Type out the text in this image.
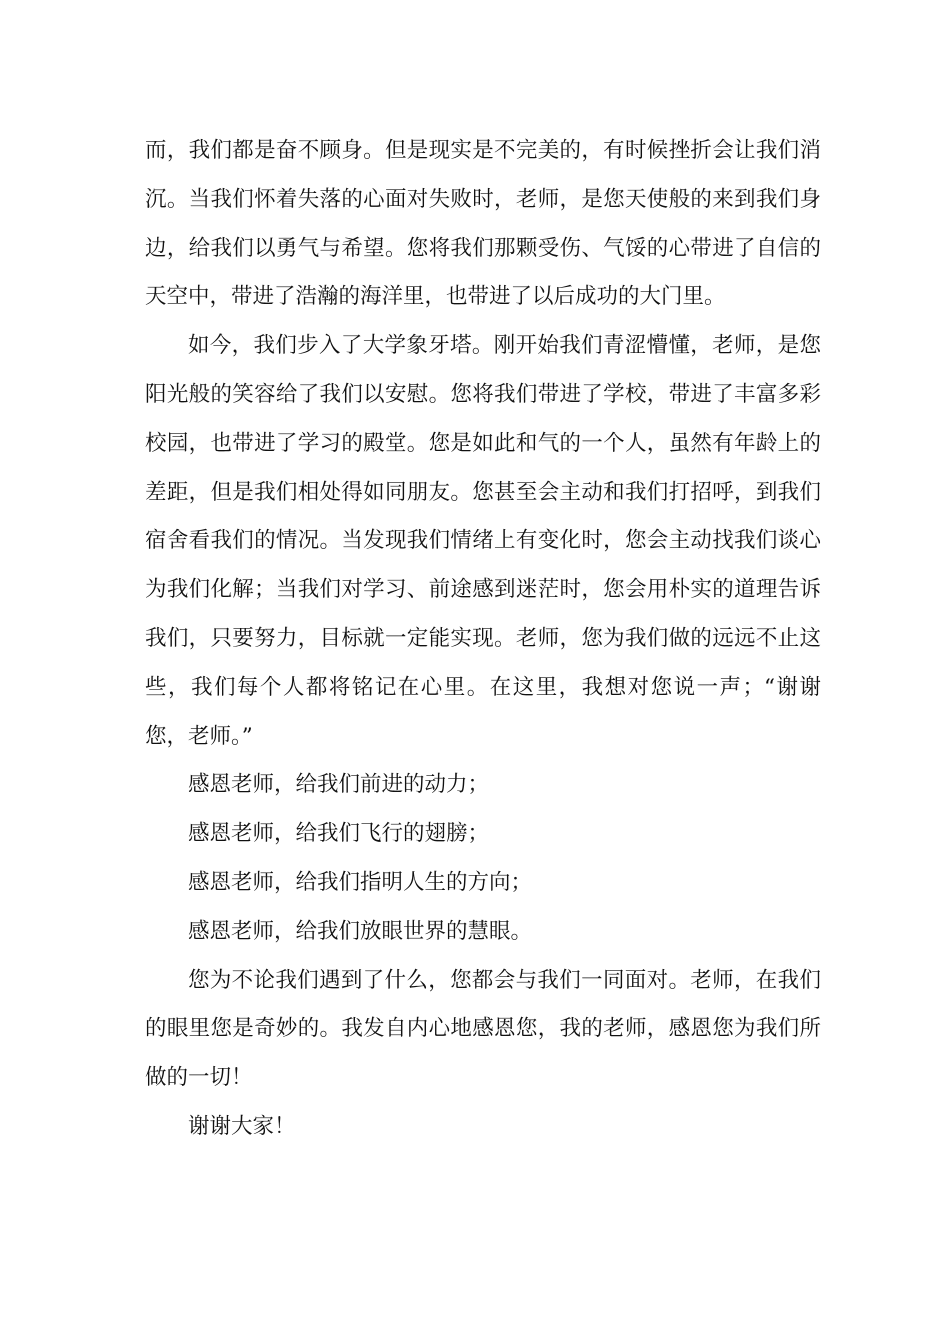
而，我们都是奋不顾身。但是现实是不完美的，有时候挫折会让我们消沉。当我们怀着失落的心面对失败时，老师，是您天使般的来到我们身边，给我们以勇气与希望。您将我们那颗受伤、气馁的心带进了自信的天空中，带进了浩瀚的海洋里，也带进了以后成功的大门里。

如今，我们步入了大学象牙塔。刚开始我们青涩懵懂，老师，是您阳光般的笑容给了我们以安慰。您将我们带进了学校，带进了丰富多彩校园，也带进了学习的殿堂。您是如此和气的一个人，虽然有年龄上的差距，但是我们相处得如同朋友。您甚至会主动和我们打招呼，到我们宿舍看我们的情况。当发现我们情绪上有变化时，您会主动找我们谈心为我们化解；当我们对学习、前途感到迷茫时，您会用朴实的道理告诉我们，只要努力，目标就一定能实现。老师，您为我们做的远远不止这些，我们每个人都将铭记在心里。在这里，我想对您说一声；“谢谢您，老师。”

感恩老师，给我们前进的动力；

感恩老师，给我们飞行的翅膀；

感恩老师，给我们指明人生的方向；

感恩老师，给我们放眼世界的慧眼。

您为不论我们遇到了什么，您都会与我们一同面对。老师，在我们的眼里您是奇妙的。我发自内心地感恩您，我的老师，感恩您为我们所做的一切！

谢谢大家！
